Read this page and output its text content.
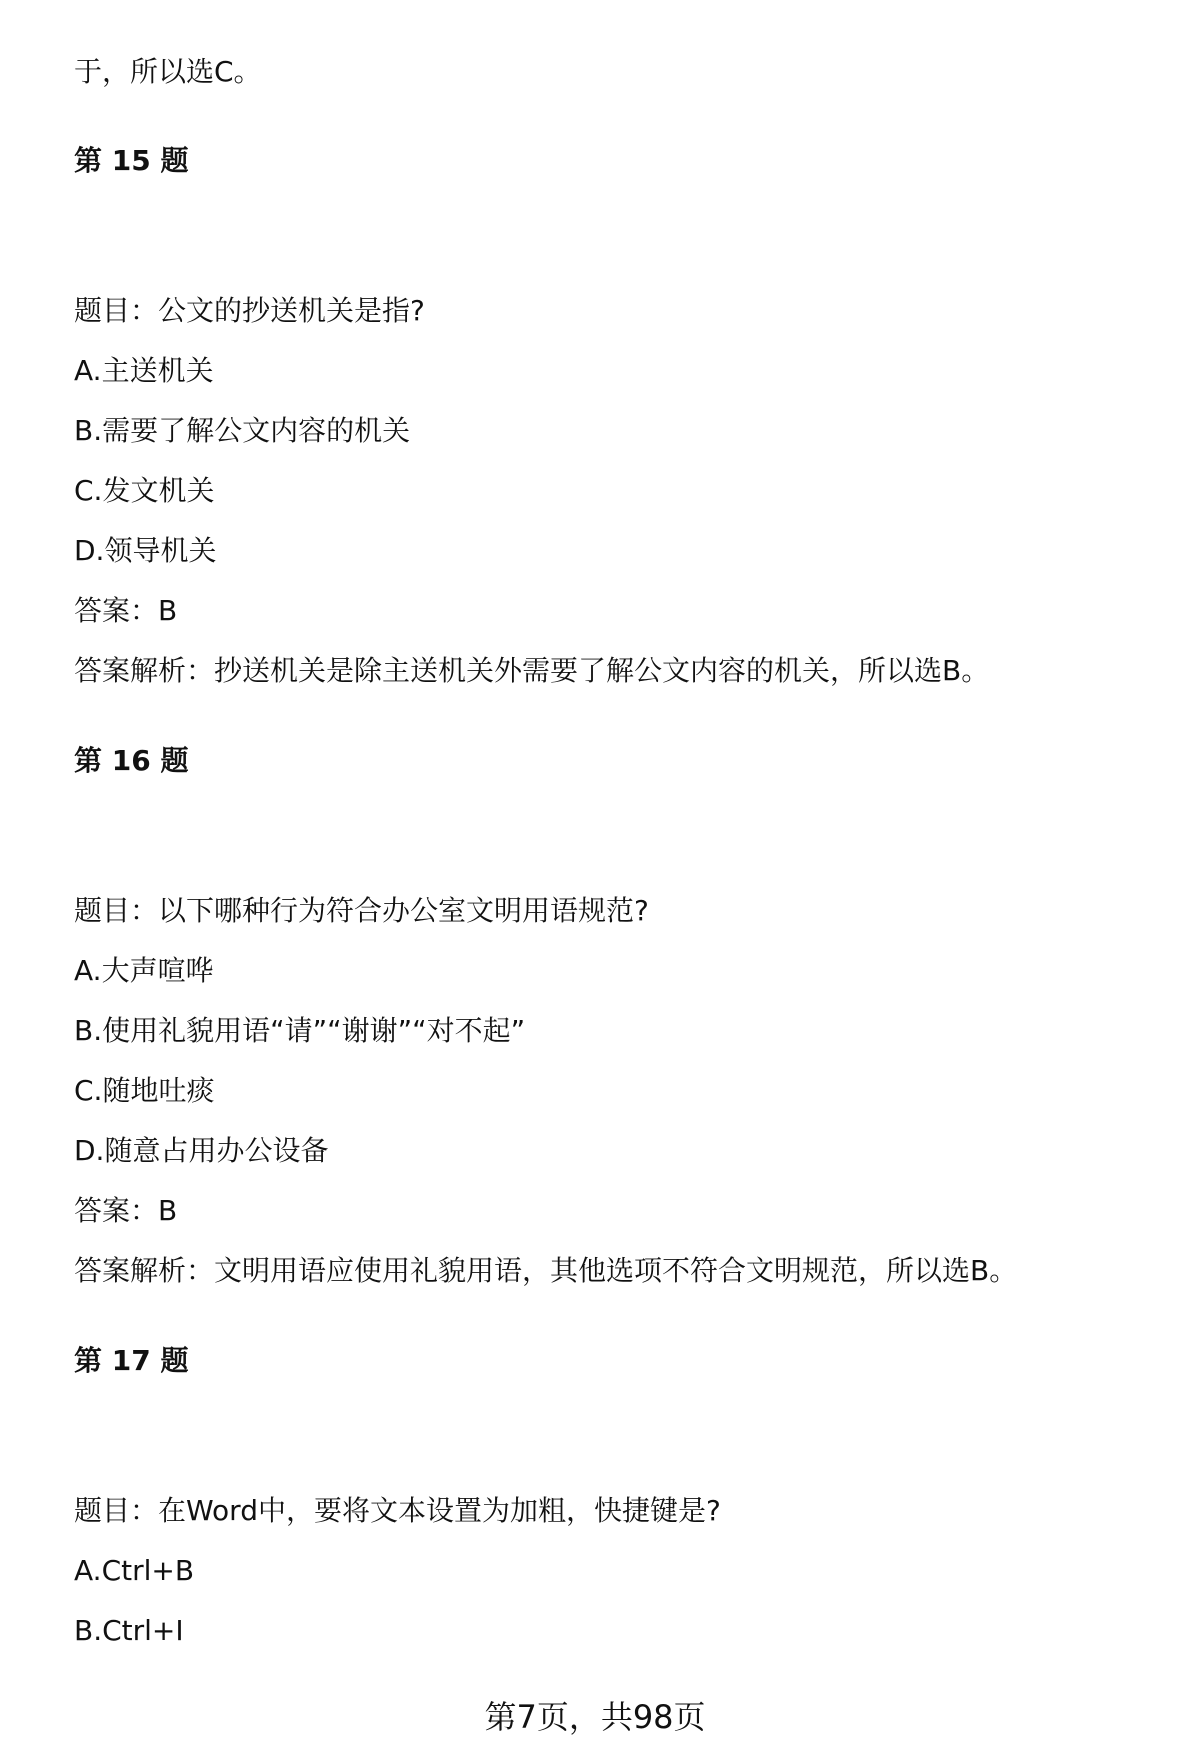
于，所以选C。
第 15 题
题目：公文的抄送机关是指?
A.主送机关
B.需要了解公文内容的机关
C.发文机关
D.领导机关
答案：B
答案解析：抄送机关是除主送机关外需要了解公文内容的机关，所以选B。
第 16 题
题目：以下哪种行为符合办公室文明用语规范?
A.大声喧哗
B.使用礼貌用语“请”“谢谢”“对不起”
C.随地吐痰
D.随意占用办公设备
答案：B
答案解析：文明用语应使用礼貌用语，其他选项不符合文明规范，所以选B。
第 17 题
题目：在Word中，要将文本设置为加粗，快捷键是?
A.Ctrl+B
B.Ctrl+I
第7页，共98页
